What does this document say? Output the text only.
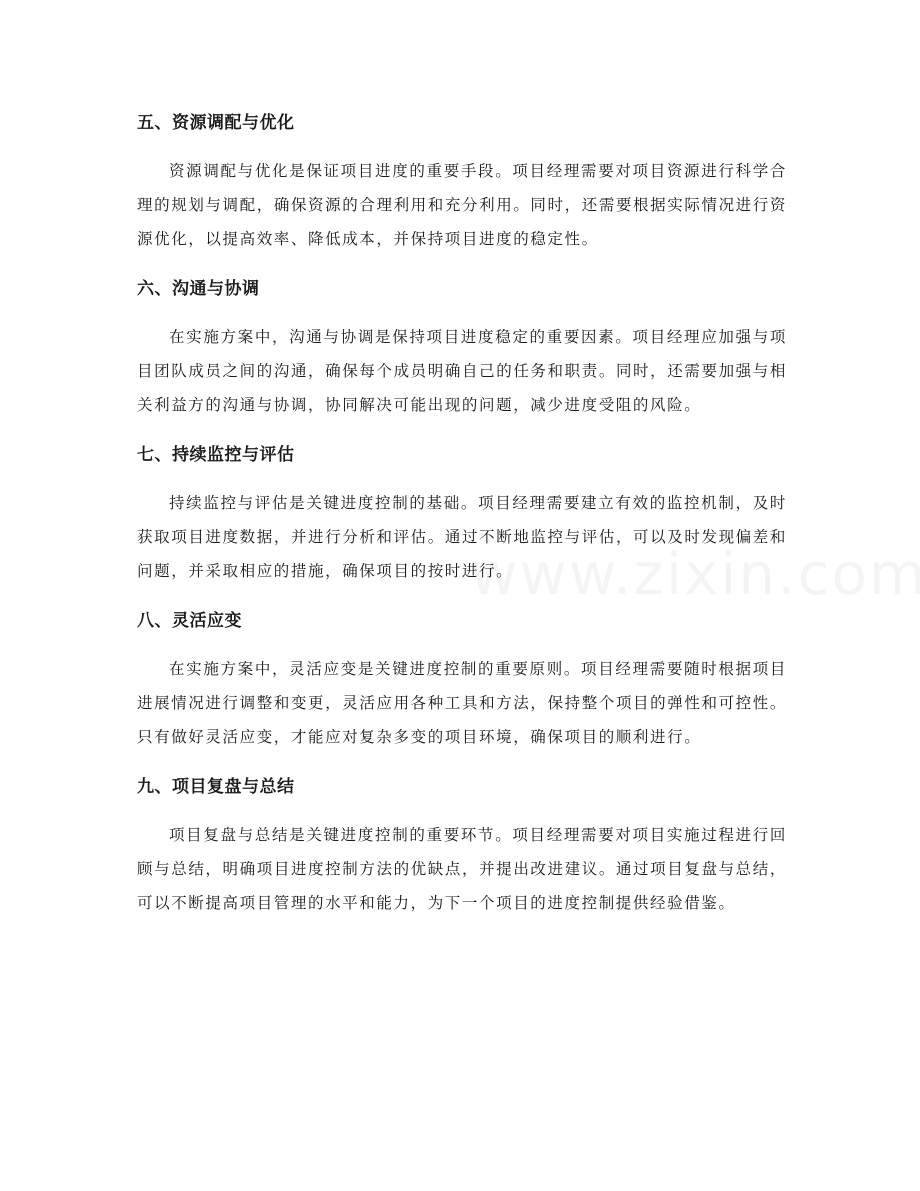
五、资源调配与优化

资源调配与优化是保证项目进度的重要手段。项目经理需要对项目资源进行科学合理的规划与调配，确保资源的合理利用和充分利用。同时，还需要根据实际情况进行资源优化，以提高效率、降低成本，并保持项目进度的稳定性。

六、沟通与协调

在实施方案中，沟通与协调是保持项目进度稳定的重要因素。项目经理应加强与项目团队成员之间的沟通，确保每个成员明确自己的任务和职责。同时，还需要加强与相关利益方的沟通与协调，协同解决可能出现的问题，减少进度受阻的风险。

七、持续监控与评估

持续监控与评估是关键进度控制的基础。项目经理需要建立有效的监控机制，及时获取项目进度数据，并进行分析和评估。通过不断地监控与评估，可以及时发现偏差和问题，并采取相应的措施，确保项目的按时进行。

八、灵活应变

在实施方案中，灵活应变是关键进度控制的重要原则。项目经理需要随时根据项目进展情况进行调整和变更，灵活应用各种工具和方法，保持整个项目的弹性和可控性。只有做好灵活应变，才能应对复杂多变的项目环境，确保项目的顺利进行。

九、项目复盘与总结

项目复盘与总结是关键进度控制的重要环节。项目经理需要对项目实施过程进行回顾与总结，明确项目进度控制方法的优缺点，并提出改进建议。通过项目复盘与总结，可以不断提高项目管理的水平和能力，为下一个项目的进度控制提供经验借鉴。
